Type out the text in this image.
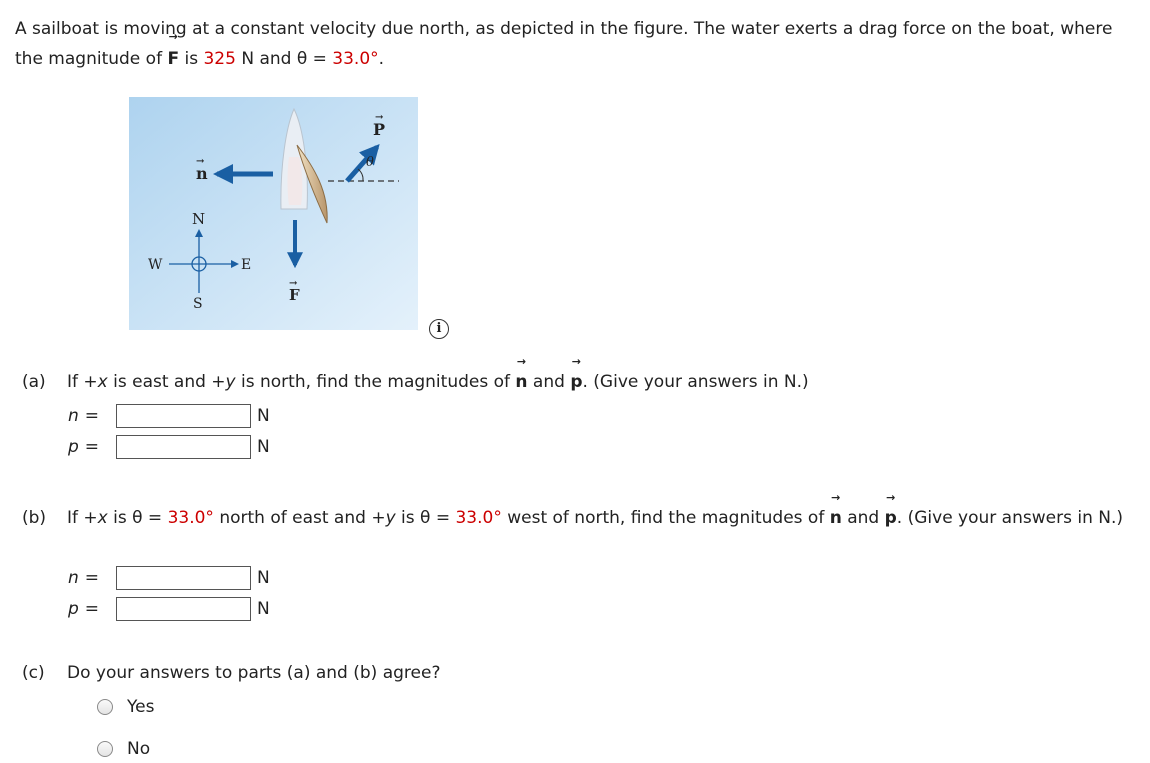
A sailboat is moving at a constant velocity due north, as depicted in the figure. The water exerts a drag force on the boat, where the magnitude of → F is 325 N and θ = 33.0°.
θ
P
→
n
→
F
→
N
W	E
S
i
(a) If +x is east and +y is north, find the magnitudes of → n and → p. (Give your answers in N.)
n =	N
p =	N
(b) If +x is θ = 33.0° north of east and +y is θ = 33.0° west of north, find the magnitudes of → n and → p. (Give your answers in N.)
n =	N
p =	N
(c) Do your answers to parts (a) and (b) agree?
Yes
No
